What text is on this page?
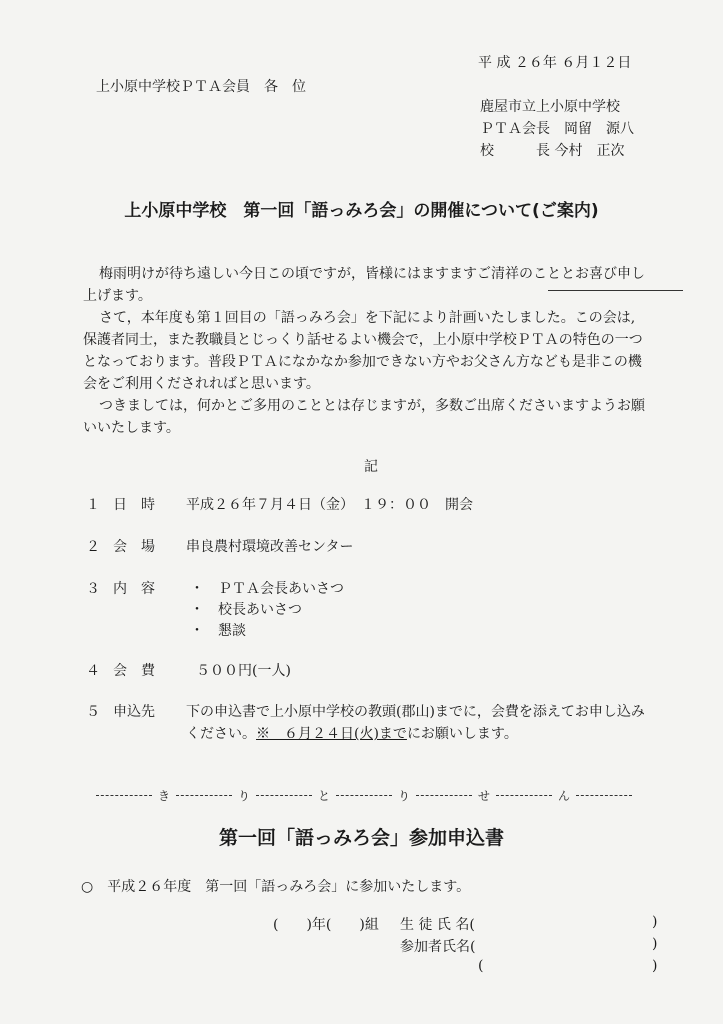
平 成 ２６年 ６月１２日
上小原中学校ＰＴＡ会員　各　位
鹿屋市立上小原中学校
ＰＴＡ会長　岡留　源八
校　　　長 今村　正次
上小原中学校　第一回「語っみろ会」の開催について(ご案内)
梅雨明けが待ち遠しい今日この頃ですが，皆様にはますますご清祥のこととお喜び申し
上げます。
さて，本年度も第１回目の「語っみろ会」を下記により計画いたしました。この会は,
保護者同士，また教職員とじっくり話せるよい機会で，上小原中学校ＰＴＡの特色の一つ
となっております。普段ＰＴＡになかなか参加できない方やお父さん方なども是非この機
会をご利用くだされればと思います。
つきましては，何かとご多用のこととは存じますが，多数ご出席くださいますようお願
いいたします。
記
１ 日　時 平成２６年７月４日（金）　１９：００　開会
２ 会　場 串良農村環境改善センター
３ 内　容	・　ＰＴＡ会長あいさつ
・　校長あいさつ
・　懇談
４ 会　費	５００円(一人)
５ 申込先 下の申込書で上小原中学校の教頭(郡山)までに，会費を添えてお申し込み
ください。※　６月２４日(火)までにお願いします。
き	り	と	り	せ	ん
第一回「語っみろ会」参加申込書
○　平成２６年度　第一回「語っみろ会」に参加いたします。
(　　)年(　　)組 生 徒 氏 名(	)
参加者氏名(	)
(	)
